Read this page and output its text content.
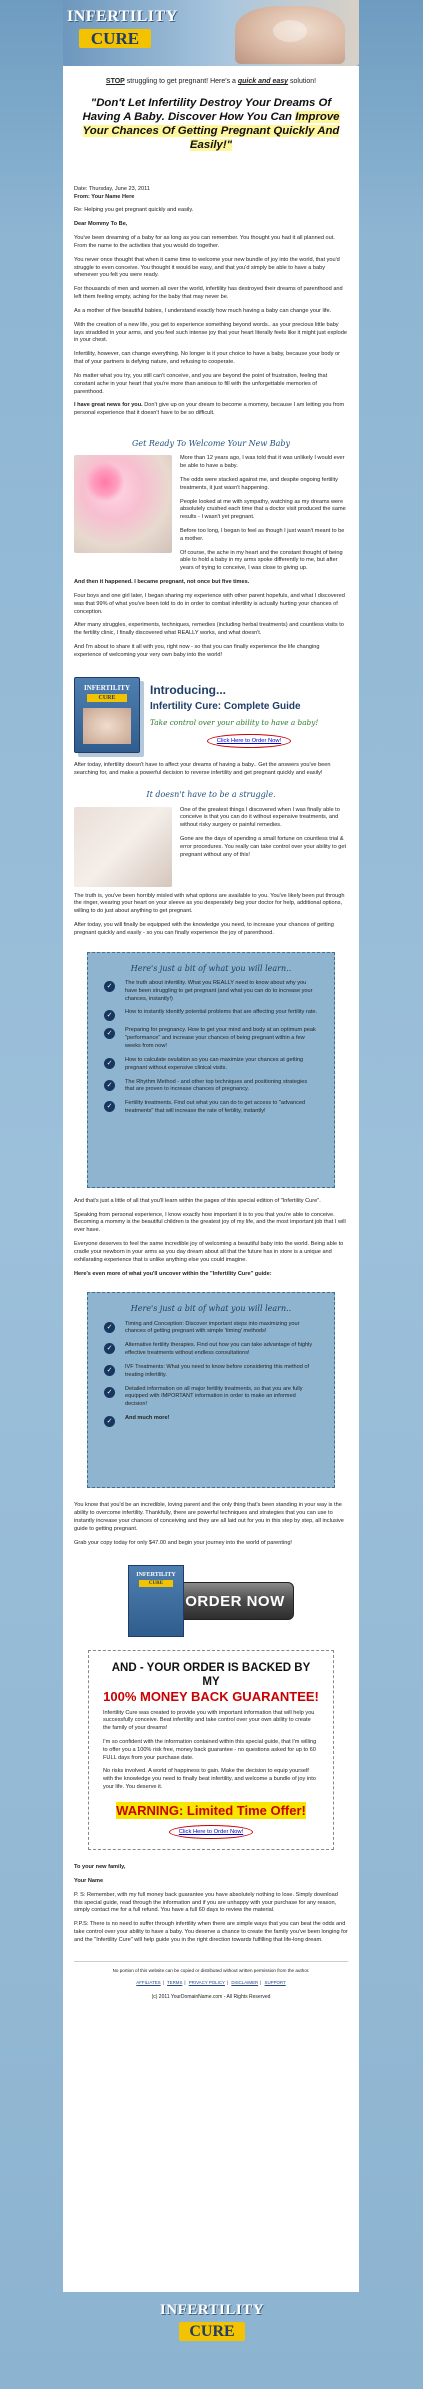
INFERTILITY
CURE
STOP struggling to get pregnant! Here's a quick and easy solution!
"Don't Let Infertility Destroy Your Dreams Of Having A Baby. Discover How You Can Improve Your Chances Of Getting Pregnant Quickly And Easily!"
Date: Thursday, June 23, 2011
From: Your Name Here

Re: Helping you get pregnant quickly and easily.

Dear Mommy To Be,

You've been dreaming of a baby for as long as you can remember. You thought you had it all planned out. From the name to the activities that you would do together.

You never once thought that when it came time to welcome your new bundle of joy into the world, that you'd struggle to even conceive. You thought it would be easy, and that you'd simply be able to have a baby whenever you felt you were ready.

For thousands of men and women all over the world, infertility has destroyed their dreams of parenthood and left them feeling empty, aching for the baby that may never be.

As a mother of five beautiful babies, I understand exactly how much having a baby can change your life.

With the creation of a new life, you get to experience something beyond words.. as your precious little baby lays straddled in your arms, and you feel such intense joy that your heart literally feels like it might just explode in your chest.

Infertility, however, can change everything. No longer is it your choice to have a baby, because your body or that of your partners is defying nature, and refusing to cooperate.

No matter what you try, you still can't conceive, and you are beyond the point of frustration, feeling that constant ache in your heart that you're more than anxious to fill with the unforgettable memories of parenthood.

I have great news for you. Don't give up on your dream to become a mommy, because I am letting you from personal experience that it doesn't have to be so difficult.

Get Ready To Welcome Your New Baby

More than 12 years ago, I was told that it was unlikely I would ever be able to have a baby.

The odds were stacked against me, and despite ongoing fertility treatments, it just wasn't happening.

People looked at me with sympathy, watching as my dreams were absolutely crushed each time that a doctor visit produced the same results - I wasn't yet pregnant.

Before too long, I began to feel as though I just wasn't meant to be a mother.

Of course, the ache in my heart and the constant thought of being able to hold a baby in my arms spoke differently to me, but after years of trying to conceive, I was close to giving up.

And then it happened. I became pregnant, not once but five times.

Four boys and one girl later, I began sharing my experience with other parent hopefuls, and what I discovered was that 99% of what you've been told to do in order to combat infertility is actually hurting your chances of conception.

After many struggles, experiments, techniques, remedies (including herbal treatments) and countless visits to the fertility clinic, I finally discovered what REALLY works, and what doesn't.

And I'm about to share it all with you, right now - so that you can finally experience the life changing experience of welcoming your very own baby into the world!

INFERTILITY
CURE
Introducing...
Infertility Cure: Complete Guide
Take control over your ability to have a baby!
Click Here to Order Now!

After today, infertility doesn't have to affect your dreams of having a baby.. Get the answers you've been searching for, and make a powerful decision to reverse infertility and get pregnant quickly and easily!

It doesn't have to be a struggle.

One of the greatest things I discovered when I was finally able to conceive is that you can do it without expensive treatments, and without risky surgery or painful remedies.

Gone are the days of spending a small fortune on countless trial & error procedures. You really can take control over your ability to get pregnant without any of this!

The truth is, you've been horribly misled with what options are available to you. You've likely been put through the ringer, wearing your heart on your sleeve as you desperately beg your doctor for help, additional options, willing to do just about anything to get pregnant.

After today, you will finally be equipped with the knowledge you need, to increase your chances of getting pregnant quickly and easily - so you can finally experience the joy of parenthood.

Here's just a bit of what you will learn..
✓	The truth about infertility. What you REALLY need to know about why you have been struggling to get pregnant (and what you can do to increase your chances, instantly!)
✓	How to instantly identify potential problems that are affecting your fertility rate.
✓	Preparing for pregnancy. How to get your mind and body at an optimum peak "performance" and increase your chances of being pregnant within a few weeks from now!
✓	How to calculate ovulation so you can maximize your chances at getting pregnant without expensive clinical visits.
✓	The Rhythm Method - and other top techniques and positioning strategies that are proven to increase chances of pregnancy.
✓	Fertility treatments. Find out what you can do to get access to "advanced treatments" that will increase the rate of fertility, instantly!

And that's just a little of all that you'll learn within the pages of this special edition of "Infertility Cure".

Speaking from personal experience, I know exactly how important it is to you that you're able to conceive. Becoming a mommy is the beautiful children is the greatest joy of my life, and the most important job that I will ever have.

Everyone deserves to feel the same incredible joy of welcoming a beautiful baby into the world. Being able to cradle your newborn in your arms as you day dream about all that the future has in store is a unique and exhilarating experience that is unlike anything else you could imagine.

Here's even more of what you'll uncover within the "Infertility Cure" guide:

Here's just a bit of what you will learn..
✓	Timing and Conception: Discover important steps into maximizing your chances of getting pregnant with simple 'timing' methods!
✓	Alternative fertility therapies. Find out how you can take advantage of highly effective treatments without endless consultations!
✓	IVF Treatments: What you need to know before considering this method of treating infertility.
✓	Detailed information on all major fertility treatments, so that you are fully equipped with IMPORTANT information in order to make an informed decision!
✓	And much more!

You know that you'd be an incredible, loving parent and the only thing that's been standing in your way is the ability to overcome infertility. Thankfully, there are powerful techniques and strategies that you can use to instantly increase your chances of conceiving and they are all laid out for you in this step by step, all inclusive guide to getting pregnant.

Grab your copy today for only $47.00 and begin your journey into the world of parenting!

INFERTILITY
CURE
ORDER NOW
AND - YOUR ORDER IS BACKED BY MY
100% MONEY BACK GUARANTEE!

Infertility Cure was created to provide you with important information that will help you successfully conceive. Beat infertility and take control over your own ability to create the family of your dreams!

I'm so confident with the information contained within this special guide, that I'm willing to offer you a 100% risk free, money back guarantee - no questions asked for up to 60 FULL days from your purchase date.

No risks involved. A world of happiness to gain. Make the decision to equip yourself with the knowledge you need to finally beat infertility, and welcome a bundle of joy into your life. You deserve it.

WARNING: Limited Time Offer!
Click Here to Order Now!

To your new family,

Your Name

P. S: Remember, with my full money back guarantee you have absolutely nothing to lose. Simply download this special guide, read through the information and if you are unhappy with your purchase for any reason, simply contact me for a full refund. You have a full 60 days to review the material.

P.P.S: There is no need to suffer through infertility when there are simple ways that you can beat the odds and take control over your ability to have a baby. You deserve a chance to create the family you've been longing for and the "Infertility Cure" will help guide you in the right direction towards fulfilling that life-long dream.

No portion of this website can be copied or distributed without written permission from the author.
AFFILIATES | TERMS | PRIVACY POLICY | DISCLAIMER | SUPPORT
(c) 2011 YourDomainName.com - All Rights Reserved
INFERTILITY
CURE
